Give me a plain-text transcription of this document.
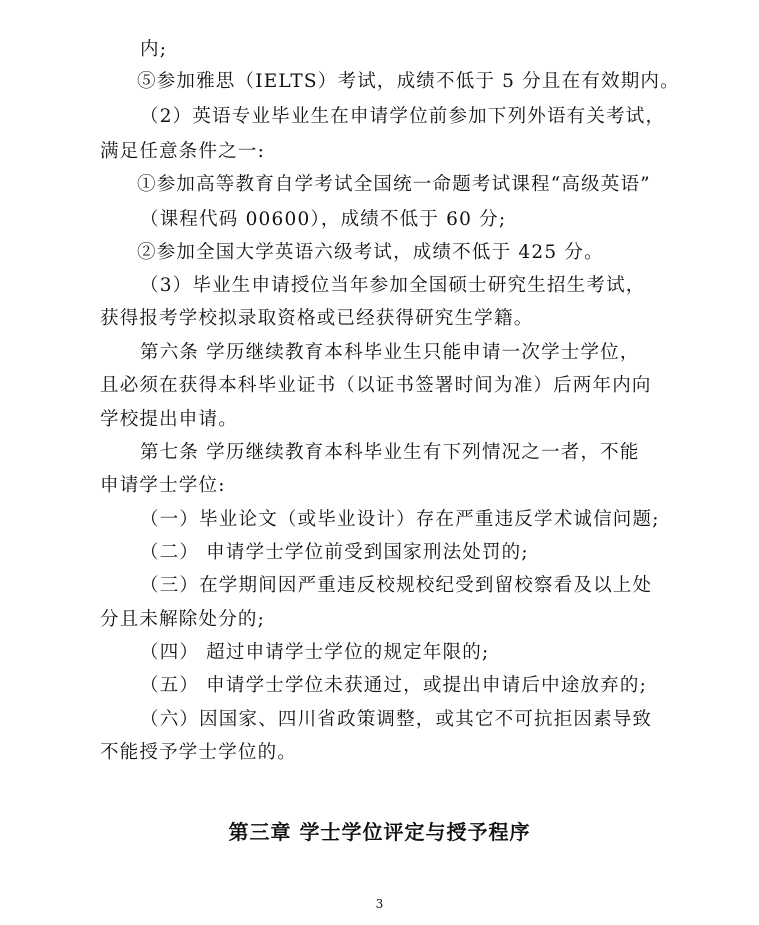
内;
⑤参加雅思（IELTS）考试，成绩不低于 5 分且在有效期内。
（2）英语专业毕业生在申请学位前参加下列外语有关考试，
满足任意条件之一:
①参加高等教育自学考试全国统一命题考试课程“高级英语”
（课程代码 00600），成绩不低于 60 分;
②参加全国大学英语六级考试，成绩不低于 425 分。
（3）毕业生申请授位当年参加全国硕士研究生招生考试，
获得报考学校拟录取资格或已经获得研究生学籍。
第六条 学历继续教育本科毕业生只能申请一次学士学位，
且必须在获得本科毕业证书（以证书签署时间为准）后两年内向
学校提出申请。
第七条 学历继续教育本科毕业生有下列情况之一者，不能
申请学士学位:
（一）毕业论文（或毕业设计）存在严重违反学术诚信问题;
（二） 申请学士学位前受到国家刑法处罚的;
（三）在学期间因严重违反校规校纪受到留校察看及以上处
分且未解除处分的;
（四） 超过申请学士学位的规定年限的;
（五） 申请学士学位未获通过，或提出申请后中途放弃的;
（六）因国家、四川省政策调整，或其它不可抗拒因素导致
不能授予学士学位的。
第三章 学士学位评定与授予程序
3
